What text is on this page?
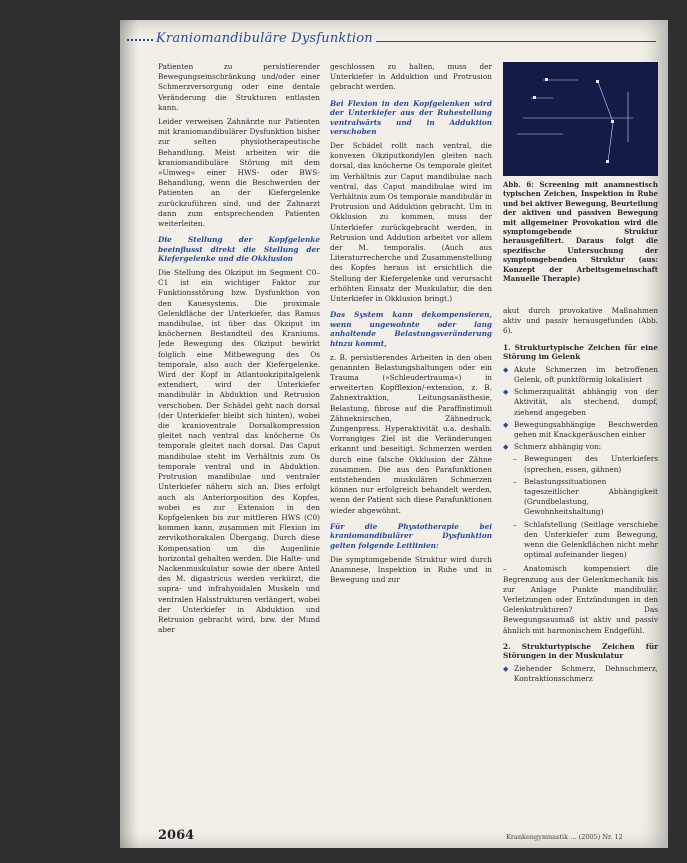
Kraniomandibuläre Dysfunktion

Patienten zu persistierender Bewegungseinschränkung und/oder einer Schmerzversorgung oder eine dentale Veränderung die Strukturen entlasten kann.

Leider verweisen Zahnärzte nur Patienten mit kraniomandibulärer Dysfunktion bisher zur selten physiotherapeutische Behandlung. Meist arbeiten wir die kraniomandibuläre Störung mit dem »Umweg« einer HWS- oder BWS-Behandlung, wenn die Beschwerden der Patienten an der Kiefergelenke zurückzuführen sind, und der Zahnarzt dann zum entsprechenden Patienten weiterleiten.

Die Stellung der Kopfgelenke beeinflusst direkt die Stellung der Kiefergelenke und die Okklusion

Die Stellung des Okziput im Segment C0–C1 ist ein wichtiger Faktor zur Funktionsstörung bzw. Dysfunktion von den Kauesystems. Die proximale Gelenkfläche der Unterkiefer, das Ramus mandibulae, ist über das Okziput im knöchernen Bestandteil des Kraniums. Jede Bewegung des Okziput bewirkt folglich eine Mitbewegung des Os temporale, also auch der Kiefergelenke. Wird der Kopf in Atlantookzipitalgelenk extendiert, wird der Unterkiefer mandibulär in Abduktion und Retrusion verschoben. Der Schädel geht nach dorsal (der Unterkiefer bleibt sich hinten), wobei die kranioventrale Dorsalkompression gleitet nach ventral das knöcherne Os temporale gleitet nach dorsal. Das Caput mandibulae steht im Verhältnis zum Os temporale ventral und in Abduktion. Protrusion mandibulae und ventraler Unterkiefer nähern sich an. Dies erfolgt auch als Anteriorposition des Kopfes, wobei es zur Extension in den Kopfgelenken bis zur mittleren HWS (C0) kommen kann, zusammen mit Flexion im zervikothorakalen Übergang. Durch diese Kompensation um die Augenlinie horizontal gehalten werden. Die Halte- und Nackenmuskulatur sowie der obere Anteil des M. digastricus werden verkürzt, die supra- und infrahyoidalen Muskeln und ventralen Halsstrukturen verlängert, wobei der Unterkiefer in Abduktion und Retrusion gebracht wird, bzw. der Mund aber

geschlossen zu halten, muss der Unterkiefer in Adduktion und Protrusion gebracht werden.

Bei Flexion in den Kopfgelenken wird der Unterkiefer aus der Ruhestellung ventralwärts und in Adduktion verschoben

Der Schädel rollt nach ventral, die konvexen Okziputkondylen gleiten nach dorsal, das knöcherne Os temporale gleitet im Verhältnis zur Caput mandibulae nach ventral, das Caput mandibulae wird im Verhältnis zum Os temporale mandibulär in Protrusion und Adduktion gebracht. Um in Okklusion zu kommen, muss der Unterkiefer zurückgebracht werden, in Retrusion und Addution arbeitet vor allem der M. temporalis. (Auch aus Literaturrecherche und Zusammenstellung des Kopfes heraus ist ersichtlich die Stellung der Kiefergelenke und verursacht erhöhten Einsatz der Muskulatur, die den Unterkiefer in Okklusion bringt.)

Das System kann dekompensieren, wenn ungewohnte oder lang anhaltende Belastungsveränderung hinzu kommt,

z. B. persistierendes Arbeiten in den oben genannten Belastungshaltungen oder ein Trauma (»Schleudertrauma«) in erweiterten Kopfflexion/-extension, z. B. Zahnextraktion, Leitungsanästhesie, Belastung, fibrose auf die Paraffinstimuli Zähneknirschen, Zähnedruck, Zungenpress. Hyperaktivität u.a. deshalb. Vorrangiges Ziel ist die Veränderungen erkannt und beseitigt. Schmerzen werden durch eine falsche Okklusion der Zähne zusammen. Die aus den Parafunktionen entstehenden muskulären Schmerzen können nur erfolgreich behandelt werden, wenn der Patient sich diese Parafunktionen wieder abgewöhnt.

Für die Physiotherapie bei kraniomandibulärer Dysfunktion gelten folgende Leitlinien:

Die symptomgebende Struktur wird durch Anamnese, Inspektion in Ruhe und in Bewegung und zur

Abb. 6: Screening mit anamnestisch typischen Zeichen, Inspektion in Ruhe und bei aktiver Bewegung, Beurteilung der aktiven und passiven Bewegung mit allgemeiner Provokation wird die symptomgebende Struktur herausgefiltert. Daraus folgt die spezifische Untersuchung der symptomgebenden Struktur (aus: Konzept der Arbeitsgemeinschaft Manuelle Therapie)

akut durch provokative Maßnahmen aktiv und passiv herausgefunden (Abb. 6).

1. Strukturtypische Zeichen für eine Störung im Gelenk
◆ Akute Schmerzen im betroffenen Gelenk, oft punktförmig lokalisiert
◆ Schmerzqualität abhängig von der Aktivität, als stechend, dumpf, ziehend angegeben
◆ Bewegungsabhängige Beschwerden gehen mit Knackgeräuschen einher
◆ Schmerz abhängig von:
– Bewegungen des Unterkiefers (sprechen, essen, gähnen)
– Belastungssituationen tageszeitlicher Abhängigkeit (Grundbelastung, Gewohnheitshaltung)
– Schlafstellung (Seitlage verschiebe den Unterkiefer zum Bewegung, wenn die Gelenkflächen nicht mehr optimal aufeinander liegen)

– Anatomisch kompensiert die Begrenzung aus der Gelenkmechanik bis zur Anlage Punkte mandibulär. Verletzungen oder Entzündungen in den Gelenkstrukturen? Das Bewegungsausmaß ist aktiv und passiv ähnlich mit harmonischem Endgefühl.

2. Strukturtypische Zeichen für Störungen in der Muskulatur
◆ Ziehender Schmerz, Dehnschmerz, Kontraktionsschmerz
2064	Krankengymnastik … (2005) Nr. 12
